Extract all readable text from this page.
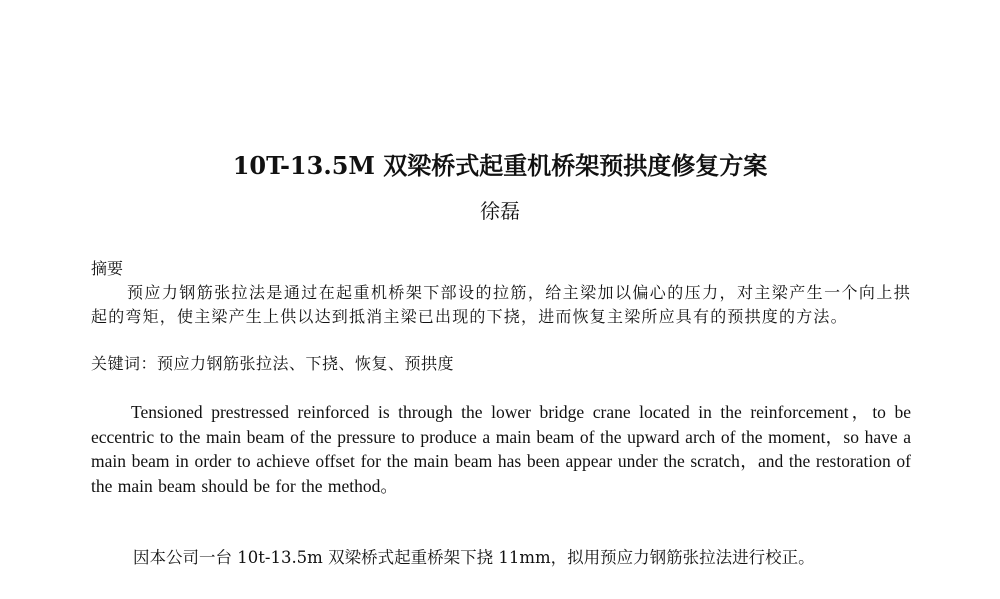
10T-13.5M 双梁桥式起重机桥架预拱度修复方案
徐磊
摘要
预应力钢筋张拉法是通过在起重机桥架下部设的拉筋，给主梁加以偏心的压力，对主梁产生一个向上拱起的弯矩，使主梁产生上供以达到抵消主梁已出现的下挠，进而恢复主梁所应具有的预拱度的方法。
关键词：预应力钢筋张拉法、下挠、恢复、预拱度
Tensioned prestressed reinforced is through the lower bridge crane located in the reinforcement，to be eccentric to the main beam of the pressure to produce a main beam of the upward arch of the moment，so have a main beam in order to achieve offset for the main beam has been appear under the scratch，and the restoration of the main beam should be for the method。
因本公司一台 10t-13.5m 双梁桥式起重桥架下挠 11mm，拟用预应力钢筋张拉法进行校正。
